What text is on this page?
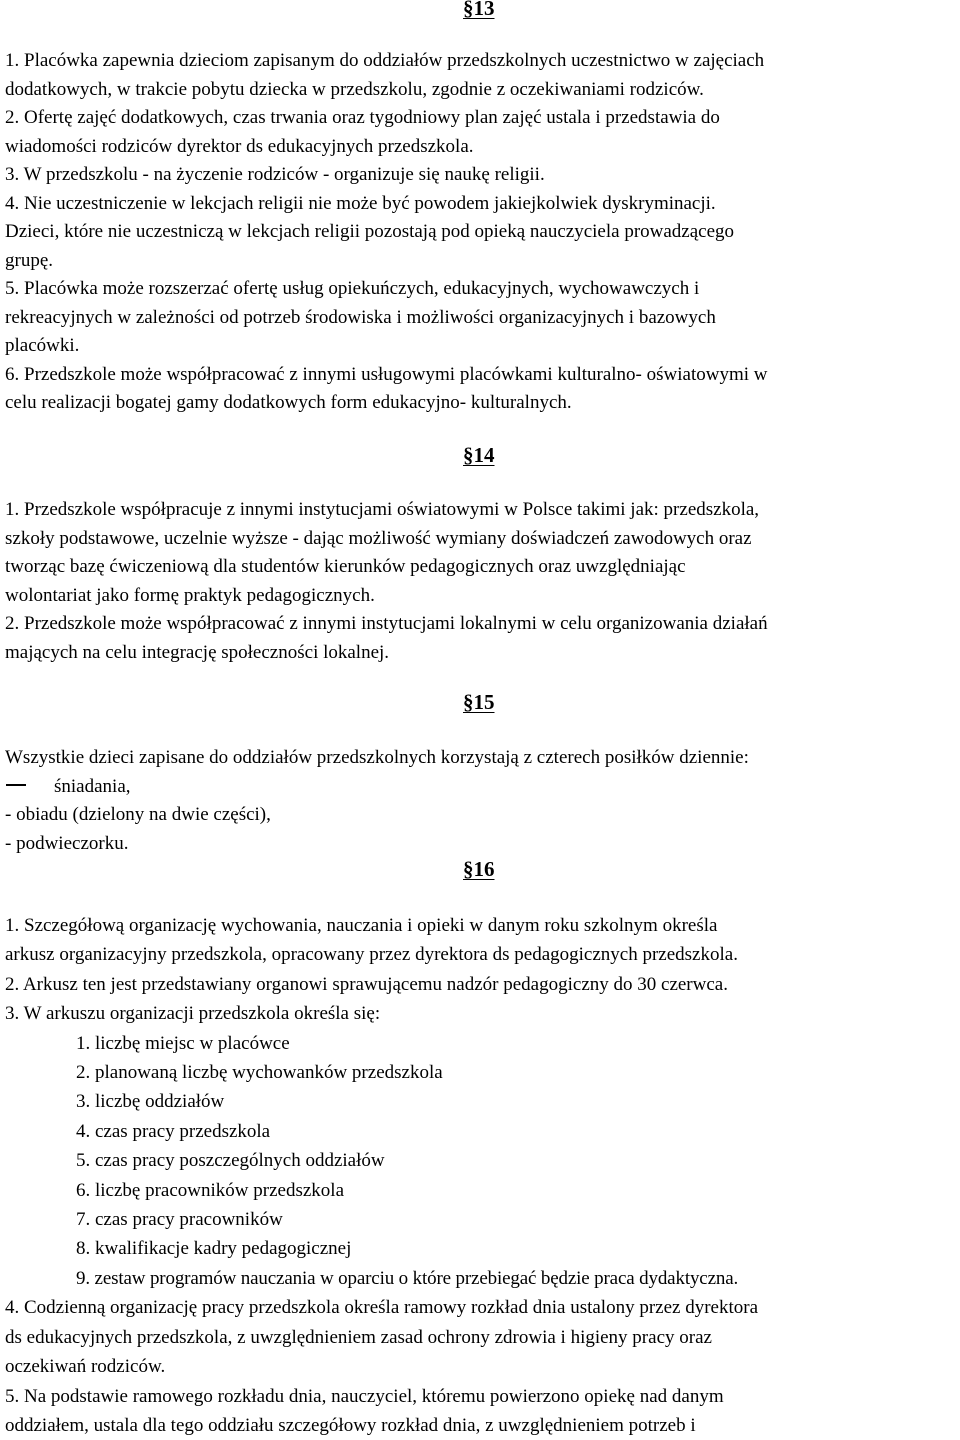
§13
1. Placówka zapewnia dzieciom zapisanym do oddziałów przedszkolnych uczestnictwo w zajęciach
dodatkowych, w trakcie pobytu dziecka w przedszkolu, zgodnie z oczekiwaniami rodziców.
2. Ofertę zajęć dodatkowych, czas trwania oraz tygodniowy plan zajęć ustala i przedstawia do
wiadomości rodziców dyrektor ds edukacyjnych przedszkola.
3. W przedszkolu - na życzenie rodziców - organizuje się naukę religii.
4. Nie uczestniczenie w lekcjach religii nie może być powodem jakiejkolwiek dyskryminacji.
Dzieci, które nie uczestniczą w lekcjach religii pozostają pod opieką nauczyciela prowadzącego
grupę.
5. Placówka może rozszerzać ofertę usług opiekuńczych, edukacyjnych, wychowawczych i
rekreacyjnych w zależności od potrzeb środowiska i możliwości organizacyjnych i bazowych
placówki.
6. Przedszkole może współpracować z innymi usługowymi placówkami kulturalno- oświatowymi w
celu realizacji bogatej gamy dodatkowych form edukacyjno- kulturalnych.
§14
1. Przedszkole współpracuje z innymi instytucjami oświatowymi w Polsce takimi jak: przedszkola,
szkoły podstawowe, uczelnie wyższe - dając możliwość wymiany doświadczeń zawodowych oraz
tworząc bazę ćwiczeniową dla studentów kierunków pedagogicznych oraz uwzględniając
wolontariat jako formę praktyk pedagogicznych.
2. Przedszkole może współpracować z innymi instytucjami lokalnymi w celu organizowania działań
mających na celu integrację społeczności lokalnej.
§15
Wszystkie dzieci zapisane do oddziałów przedszkolnych korzystają z czterech posiłków dziennie:
śniadania,
- obiadu (dzielony na dwie części),
- podwieczorku.
§16
1. Szczegółową organizację wychowania, nauczania i opieki w danym roku szkolnym określa
arkusz organizacyjny przedszkola, opracowany przez dyrektora ds pedagogicznych przedszkola.
2. Arkusz ten jest przedstawiany organowi sprawującemu nadzór pedagogiczny do 30 czerwca.
3. W arkuszu organizacji przedszkola określa się:
1. liczbę miejsc w placówce
2. planowaną liczbę wychowanków przedszkola
3. liczbę oddziałów
4. czas pracy przedszkola
5. czas pracy poszczególnych oddziałów
6. liczbę pracowników przedszkola
7. czas pracy pracowników
8. kwalifikacje kadry pedagogicznej
9. zestaw programów nauczania w oparciu o które przebiegać będzie praca dydaktyczna.
4. Codzienną organizację pracy przedszkola określa ramowy rozkład dnia ustalony przez dyrektora
ds edukacyjnych przedszkola, z uwzględnieniem zasad ochrony zdrowia i higieny pracy oraz
oczekiwań rodziców.
5. Na podstawie ramowego rozkładu dnia, nauczyciel, któremu powierzono opiekę nad danym
oddziałem, ustala dla tego oddziału szczegółowy rozkład dnia, z uwzględnieniem potrzeb i
